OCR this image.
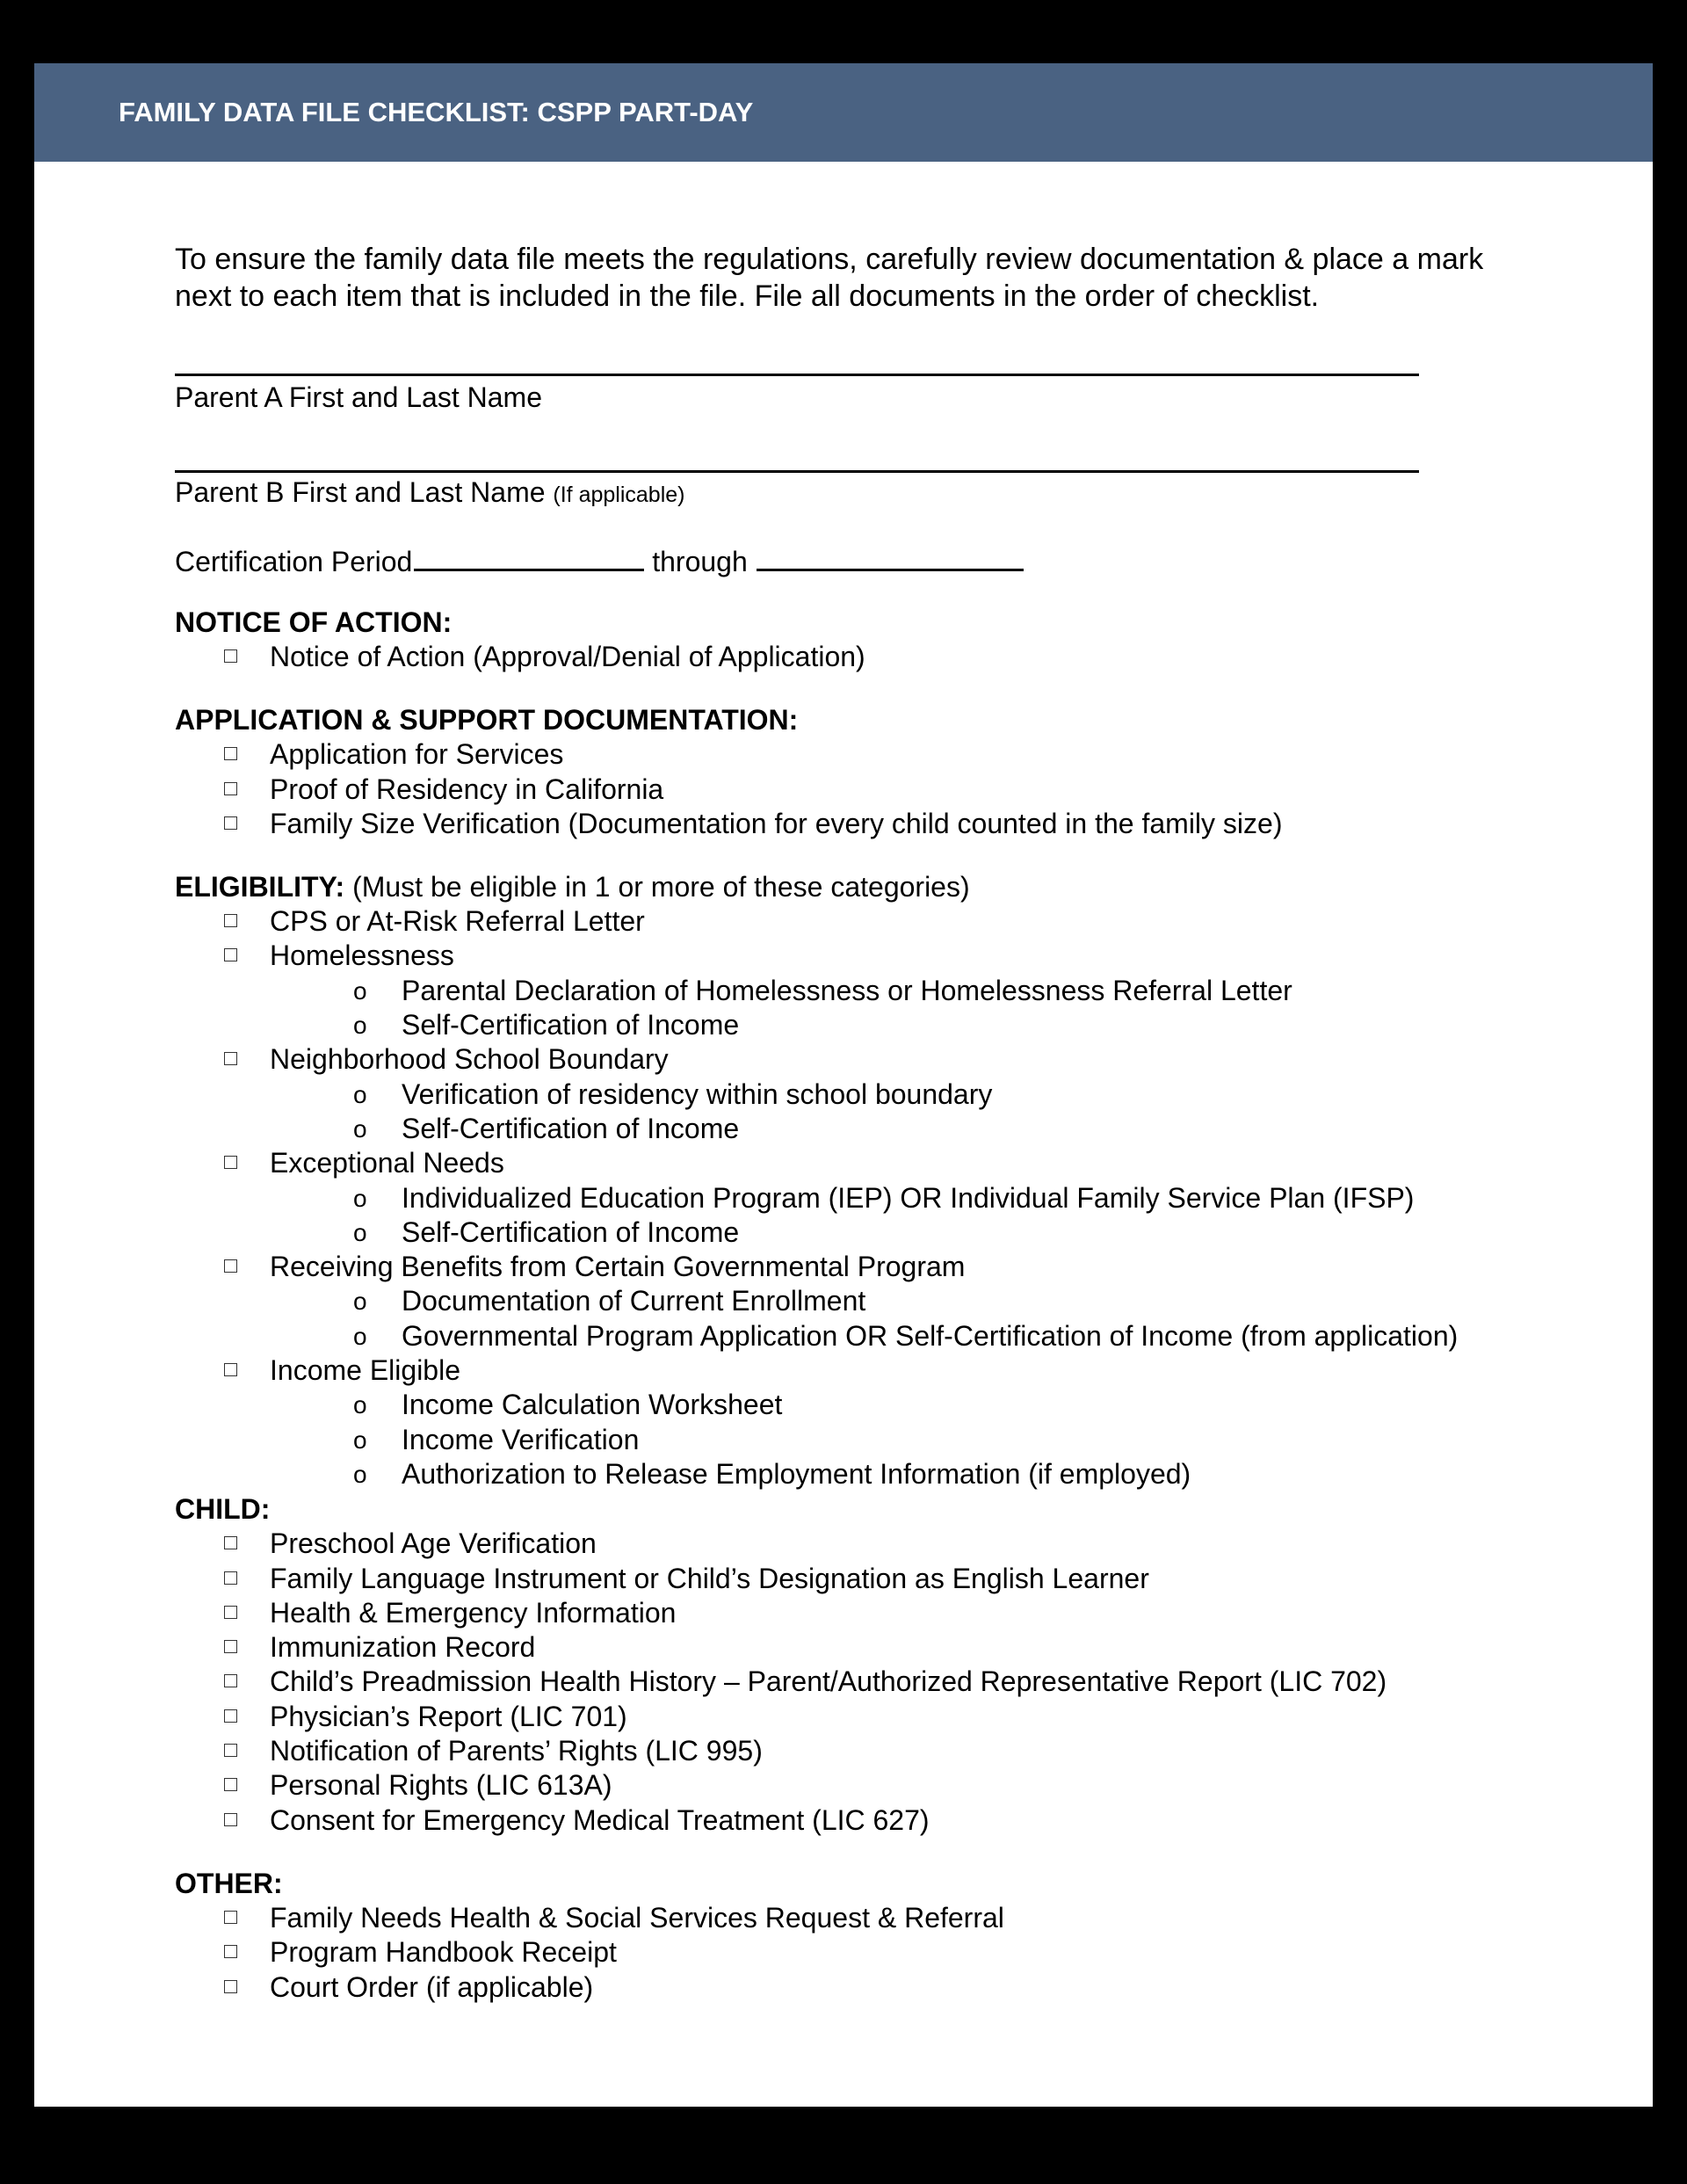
FAMILY DATA FILE CHECKLIST: CSPP PART-DAY
To ensure the family data file meets the regulations, carefully review documentation & place a mark next to each item that is included in the file. File all documents in the order of checklist.
Parent A First and Last Name
Parent B First and Last Name (If applicable)
Certification Period	through
NOTICE OF ACTION:
Notice of Action (Approval/Denial of Application)
APPLICATION & SUPPORT DOCUMENTATION:
Application for Services
Proof of Residency in California
Family Size Verification (Documentation for every child counted in the family size)
ELIGIBILITY: (Must be eligible in 1 or more of these categories)
CPS or At-Risk Referral Letter
Homelessness
o Parental Declaration of Homelessness or Homelessness Referral Letter
o Self-Certification of Income
Neighborhood School Boundary
o Verification of residency within school boundary
o Self-Certification of Income
Exceptional Needs
o Individualized Education Program (IEP) OR Individual Family Service Plan (IFSP)
o Self-Certification of Income
Receiving Benefits from Certain Governmental Program
o Documentation of Current Enrollment
o Governmental Program Application OR Self-Certification of Income (from application)
Income Eligible
o Income Calculation Worksheet
o Income Verification
o Authorization to Release Employment Information (if employed)
CHILD:
Preschool Age Verification
Family Language Instrument or Child’s Designation as English Learner
Health & Emergency Information
Immunization Record
Child’s Preadmission Health History – Parent/Authorized Representative Report (LIC 702)
Physician’s Report (LIC 701)
Notification of Parents’ Rights (LIC 995)
Personal Rights (LIC 613A)
Consent for Emergency Medical Treatment (LIC 627)
OTHER:
Family Needs Health & Social Services Request & Referral
Program Handbook Receipt
Court Order (if applicable)
